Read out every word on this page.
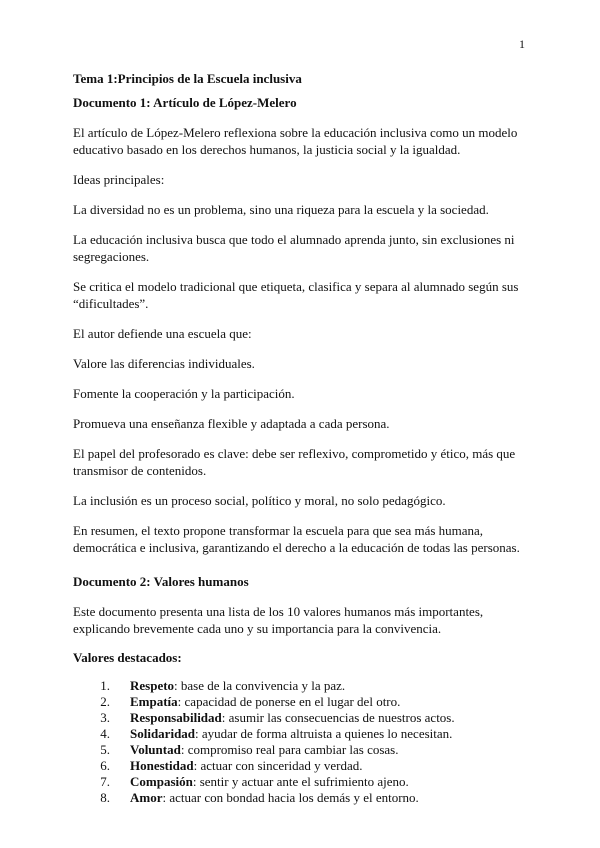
1

Tema 1:Principios de la Escuela inclusiva

Documento 1: Artículo de López-Melero

El artículo de López-Melero reflexiona sobre la educación inclusiva como un modelo educativo basado en los derechos humanos, la justicia social y la igualdad.

Ideas principales:

La diversidad no es un problema, sino una riqueza para la escuela y la sociedad.

La educación inclusiva busca que todo el alumnado aprenda junto, sin exclusiones ni segregaciones.

Se critica el modelo tradicional que etiqueta, clasifica y separa al alumnado según sus “dificultades”.

El autor defiende una escuela que:

Valore las diferencias individuales.

Fomente la cooperación y la participación.

Promueva una enseñanza flexible y adaptada a cada persona.

El papel del profesorado es clave: debe ser reflexivo, comprometido y ético, más que transmisor de contenidos.

La inclusión es un proceso social, político y moral, no solo pedagógico.

En resumen, el texto propone transformar la escuela para que sea más humana, democrática e inclusiva, garantizando el derecho a la educación de todas las personas.

Documento 2: Valores humanos

Este documento presenta una lista de los 10 valores humanos más importantes, explicando brevemente cada uno y su importancia para la convivencia.

Valores destacados:

1. Respeto: base de la convivencia y la paz.
2. Empatía: capacidad de ponerse en el lugar del otro.
3. Responsabilidad: asumir las consecuencias de nuestros actos.
4. Solidaridad: ayudar de forma altruista a quienes lo necesitan.
5. Voluntad: compromiso real para cambiar las cosas.
6. Honestidad: actuar con sinceridad y verdad.
7. Compasión: sentir y actuar ante el sufrimiento ajeno.
8. Amor: actuar con bondad hacia los demás y el entorno.
